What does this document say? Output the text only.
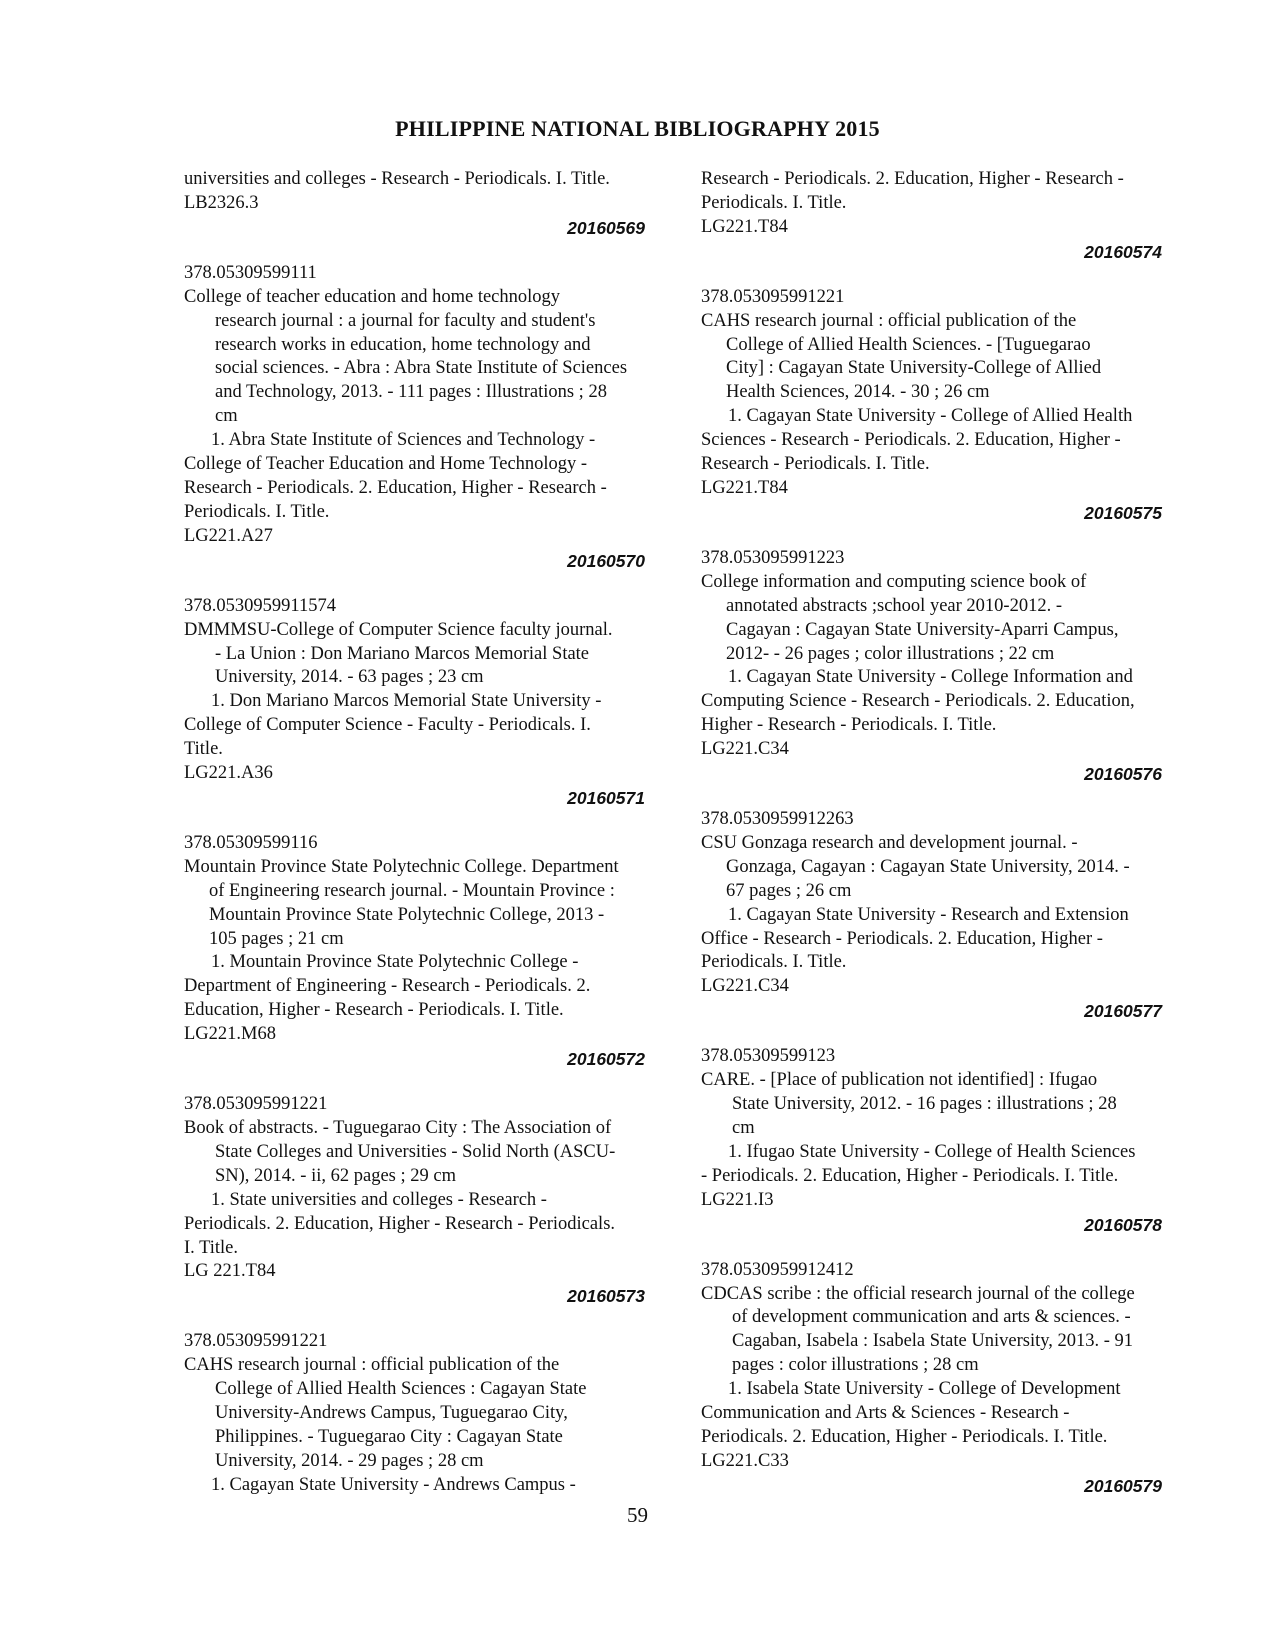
PHILIPPINE NATIONAL BIBLIOGRAPHY 2015
universities and colleges - Research - Periodicals. I. Title.
LB2326.3
20160569
378.05309599111
College of teacher education and home technology
research journal : a journal for faculty and student's
research works in education, home technology and
social sciences. - Abra : Abra State Institute of Sciences
and Technology, 2013. - 111 pages : Illustrations ; 28
cm
1. Abra State Institute of Sciences and Technology -
College of Teacher Education and Home Technology -
Research - Periodicals. 2. Education, Higher - Research -
Periodicals. I. Title.
LG221.A27
20160570
378.0530959911574
DMMMSU-College of Computer Science faculty journal.
- La Union : Don Mariano Marcos Memorial State
University, 2014. - 63 pages ; 23 cm
1. Don Mariano Marcos Memorial State University -
College of Computer Science - Faculty - Periodicals. I.
Title.
LG221.A36
20160571
378.05309599116
Mountain Province State Polytechnic College. Department
of Engineering research journal. - Mountain Province :
Mountain Province State Polytechnic College, 2013 -
105 pages ; 21 cm
1. Mountain Province State Polytechnic College -
Department of Engineering - Research - Periodicals. 2.
Education, Higher - Research - Periodicals. I. Title.
LG221.M68
20160572
378.053095991221
Book of abstracts. - Tuguegarao City : The Association of
State Colleges and Universities - Solid North (ASCU-
SN), 2014. - ii, 62 pages ; 29 cm
1. State universities and colleges - Research -
Periodicals. 2. Education, Higher - Research - Periodicals.
I. Title.
LG 221.T84
20160573
378.053095991221
CAHS research journal : official publication of the
College of Allied Health Sciences : Cagayan State
University-Andrews Campus, Tuguegarao City,
Philippines. - Tuguegarao City : Cagayan State
University, 2014. - 29 pages ; 28 cm
1. Cagayan State University - Andrews Campus -
Research - Periodicals. 2. Education, Higher - Research -
Periodicals. I. Title.
LG221.T84
20160574
378.053095991221
CAHS research journal : official publication of the
College of Allied Health Sciences. - [Tuguegarao
City] : Cagayan State University-College of Allied
Health Sciences, 2014. - 30 ; 26 cm
1. Cagayan State University - College of Allied Health
Sciences - Research - Periodicals. 2. Education, Higher -
Research - Periodicals. I. Title.
LG221.T84
20160575
378.053095991223
College information and computing science book of
annotated abstracts ;school year 2010-2012. -
Cagayan : Cagayan State University-Aparri Campus,
2012- - 26 pages ; color illustrations ; 22 cm
1. Cagayan State University - College Information and
Computing Science - Research - Periodicals. 2. Education,
Higher - Research - Periodicals. I. Title.
LG221.C34
20160576
378.0530959912263
CSU Gonzaga research and development journal. -
Gonzaga, Cagayan : Cagayan State University, 2014. -
67 pages ; 26 cm
1. Cagayan State University - Research and Extension
Office - Research - Periodicals. 2. Education, Higher -
Periodicals. I. Title.
LG221.C34
20160577
378.05309599123
CARE. - [Place of publication not identified] : Ifugao
State University, 2012. - 16 pages : illustrations ; 28
cm
1. Ifugao State University - College of Health Sciences
- Periodicals. 2. Education, Higher - Periodicals. I. Title.
LG221.I3
20160578
378.0530959912412
CDCAS scribe : the official research journal of the college
of development communication and arts & sciences. -
Cagaban, Isabela : Isabela State University, 2013. - 91
pages : color illustrations ; 28 cm
1. Isabela State University - College of Development
Communication and Arts & Sciences - Research -
Periodicals. 2. Education, Higher - Periodicals. I. Title.
LG221.C33
20160579
59
